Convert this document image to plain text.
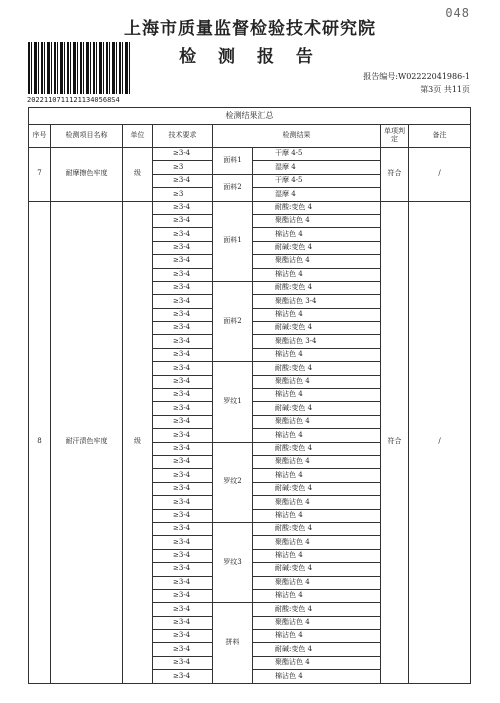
048
20221107111211340568S4
上海市质量监督检验技术研究院
检 测 报 告
报告编号:W02222041986-1
第3页 共11页
检测结果汇总							
序号	检测项目名称	单位	技术要求	检测结果		单项判定	备注
7	耐摩擦色牢度	级	≥3-4	面料1	干摩 4-5	符合	/
			≥3		湿摩 4		
			≥3-4	面料2	干摩 4-5		
			≥3		湿摩 4		
8	耐汗渍色牢度	级	≥3-4	面料1	耐酸:变色 4	符合	/
			≥3-4		聚酯沾色 4		
			≥3-4		棉沾色 4		
			≥3-4		耐碱:变色 4		
			≥3-4		聚酯沾色 4		
			≥3-4		棉沾色 4		
			≥3-4	面料2	耐酸:变色 4		
			≥3-4		聚酯沾色 3-4		
			≥3-4		棉沾色 4		
			≥3-4		耐碱:变色 4		
			≥3-4		聚酯沾色 3-4		
			≥3-4		棉沾色 4		
			≥3-4	罗纹1	耐酸:变色 4		
			≥3-4		聚酯沾色 4		
			≥3-4		棉沾色 4		
			≥3-4		耐碱:变色 4		
			≥3-4		聚酯沾色 4		
			≥3-4		棉沾色 4		
			≥3-4	罗纹2	耐酸:变色 4		
			≥3-4		聚酯沾色 4		
			≥3-4		棉沾色 4		
			≥3-4		耐碱:变色 4		
			≥3-4		聚酯沾色 4		
			≥3-4		棉沾色 4		
			≥3-4	罗纹3	耐酸:变色 4		
			≥3-4		聚酯沾色 4		
			≥3-4		棉沾色 4		
			≥3-4		耐碱:变色 4		
			≥3-4		聚酯沾色 4		
			≥3-4		棉沾色 4		
			≥3-4	拼料	耐酸:变色 4		
			≥3-4		聚酯沾色 4		
			≥3-4		棉沾色 4		
			≥3-4		耐碱:变色 4		
			≥3-4		聚酯沾色 4		
			≥3-4		棉沾色 4		
